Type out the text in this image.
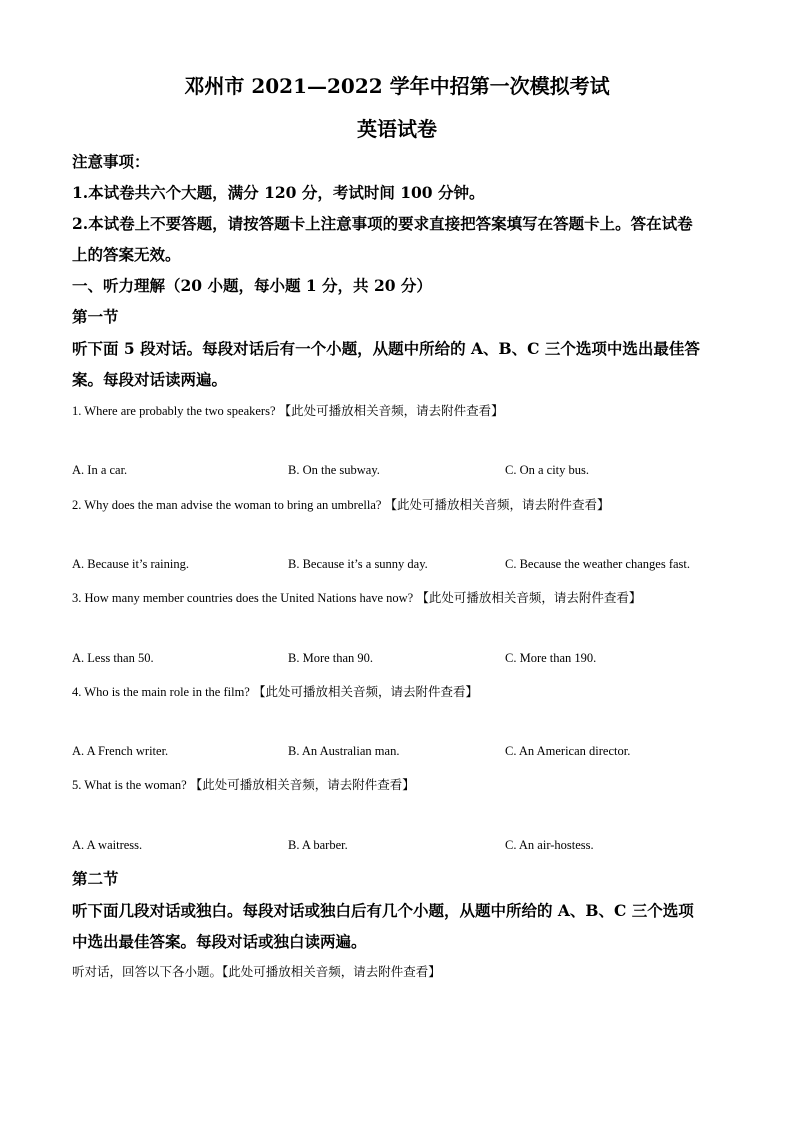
邓州市 2021—2022 学年中招第一次模拟考试
英语试卷
注意事项：
1.本试卷共六个大题，满分 120 分，考试时间 100 分钟。
2.本试卷上不要答题，请按答题卡上注意事项的要求直接把答案填写在答题卡上。答在试卷
上的答案无效。
一、听力理解（20 小题，每小题 1 分，共 20 分）
第一节
听下面 5 段对话。每段对话后有一个小题，从题中所给的 A、B、C 三个选项中选出最佳答
案。每段对话读两遍。
1. Where are probably the two speakers? 【此处可播放相关音频，请去附件查看】
A. In a car.	B. On the subway.	C. On a city bus.
2. Why does the man advise the woman to bring an umbrella? 【此处可播放相关音频，请去附件查看】
A. Because it’s raining.	B. Because it’s a sunny day.	C. Because the weather changes fast.
3. How many member countries does the United Nations have now? 【此处可播放相关音频，请去附件查看】
A. Less than 50.	B. More than 90.	C. More than 190.
4. Who is the main role in the film? 【此处可播放相关音频，请去附件查看】
A. A French writer.	B. An Australian man.	C. An American director.
5. What is the woman? 【此处可播放相关音频，请去附件查看】
A. A waitress.	B. A barber.	C. An air-hostess.
第二节
听下面几段对话或独白。每段对话或独白后有几个小题，从题中所给的 A、B、C 三个选项
中选出最佳答案。每段对话或独白读两遍。
听对话，回答以下各小题。【此处可播放相关音频，请去附件查看】
